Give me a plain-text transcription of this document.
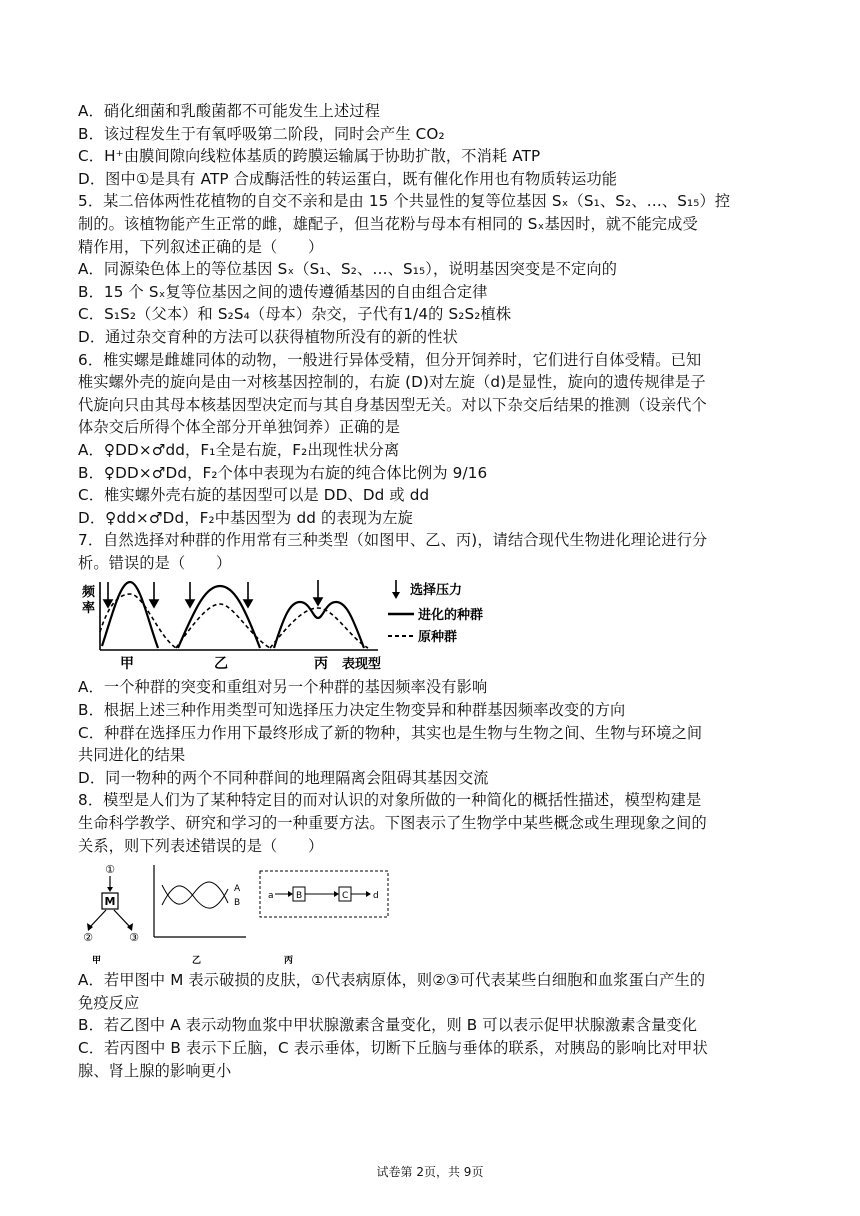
A．硝化细菌和乳酸菌都不可能发生上述过程
B．该过程发生于有氧呼吸第二阶段，同时会产生 CO₂
C．H⁺由膜间隙向线粒体基质的跨膜运输属于协助扩散，不消耗 ATP
D．图中①是具有 ATP 合成酶活性的转运蛋白，既有催化作用也有物质转运功能
5．某二倍体两性花植物的自交不亲和是由 15 个共显性的复等位基因 Sₓ（S₁、S₂、…、S₁₅）控
制的。该植物能产生正常的雌，雄配子，但当花粉与母本有相同的 Sₓ基因时，就不能完成受
精作用，下列叙述正确的是（　　）
A．同源染色体上的等位基因 Sₓ（S₁、S₂、…、S₁₅），说明基因突变是不定向的
B．15 个 Sₓ复等位基因之间的遗传遵循基因的自由组合定律
C．S₁S₂（父本）和 S₂S₄（母本）杂交，子代有1/4的 S₂S₂植株
D．通过杂交育种的方法可以获得植物所没有的新的性状
6．椎实螺是雌雄同体的动物，一般进行异体受精，但分开饲养时，它们进行自体受精。已知
椎实螺外壳的旋向是由一对核基因控制的，右旋 (D)对左旋（d)是显性，旋向的遗传规律是子
代旋向只由其母本核基因型决定而与其自身基因型无关。对以下杂交后结果的推测（设亲代个
体杂交后所得个体全部分开单独饲养）正确的是
A．♀DD×♂dd，F₁全是右旋，F₂出现性状分离
B．♀DD×♂Dd，F₂个体中表现为右旋的纯合体比例为 9/16
C．椎实螺外壳右旋的基因型可以是 DD、Dd 或 dd
D．♀dd×♂Dd，F₂中基因型为 dd 的表现为左旋
7．自然选择对种群的作用常有三种类型（如图甲、乙、丙)，请结合现代生物进化理论进行分
析。错误的是（　　）
频
率
选择压力
进化的种群
原种群
甲	乙	丙 表现型
A．一个种群的突变和重组对另一个种群的基因频率没有影响
B．根据上述三种作用类型可知选择压力决定生物变异和种群基因频率改变的方向
C．种群在选择压力作用下最终形成了新的物种，其实也是生物与生物之间、生物与环境之间
共同进化的结果
D．同一物种的两个不同种群间的地理隔离会阻碍其基因交流
8．模型是人们为了某种特定目的而对认识的对象所做的一种简化的概括性描述，模型构建是
生命科学教学、研究和学习的一种重要方法。下图表示了生物学中某些概念或生理现象之间的
关系，则下列表述错误的是（　　）
①
M
②	③
甲
A
B
乙
a B	C	d
丙
A．若甲图中 M 表示破损的皮肤，①代表病原体，则②③可代表某些白细胞和血浆蛋白产生的
免疫反应
B．若乙图中 A 表示动物血浆中甲状腺激素含量变化，则 B 可以表示促甲状腺激素含量变化
C．若丙图中 B 表示下丘脑，C 表示垂体，切断下丘脑与垂体的联系，对胰岛的影响比对甲状
腺、肾上腺的影响更小
试卷第 2页，共 9页
